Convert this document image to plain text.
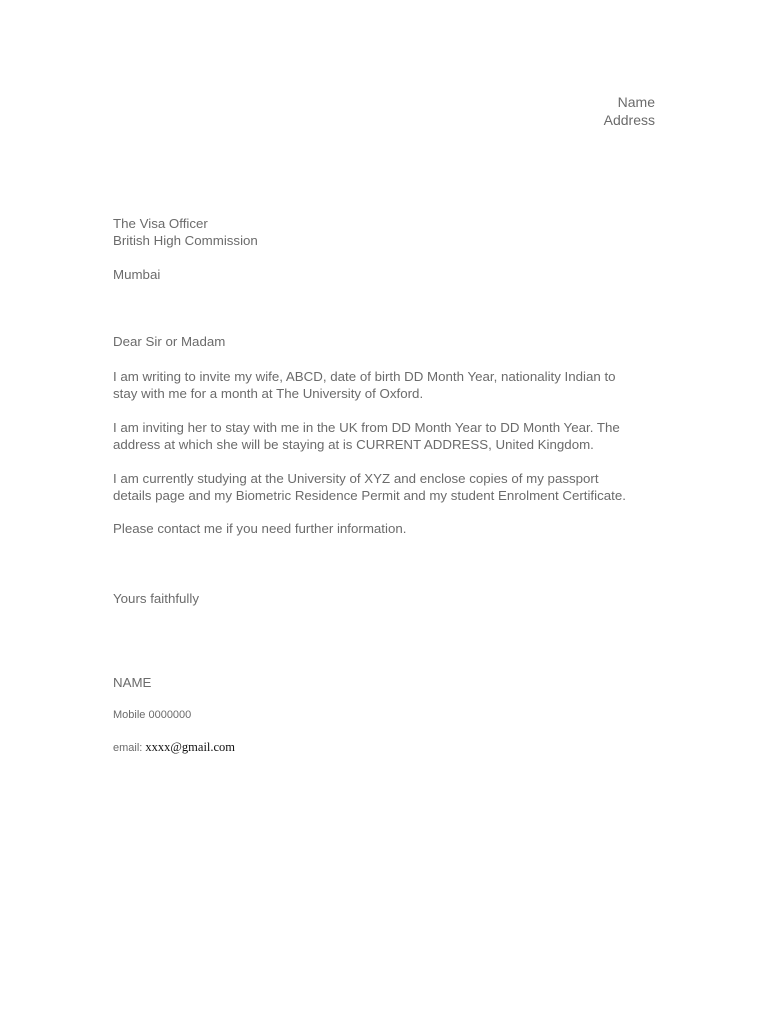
Name
Address
The Visa Officer
British High Commission
Mumbai
Dear Sir or Madam
I am writing to invite my wife, ABCD, date of birth DD Month Year, nationality Indian to
stay with me for a month at The University of Oxford.
I am inviting her to stay with me in the UK from DD Month Year to DD Month Year. The
address at which she will be staying at is CURRENT ADDRESS, United Kingdom.
I am currently studying at the University of XYZ and enclose copies of my passport
details page and my Biometric Residence Permit and my student Enrolment Certificate.
Please contact me if you need further information.
Yours faithfully
NAME
Mobile 0000000
email: xxxx@gmail.com
